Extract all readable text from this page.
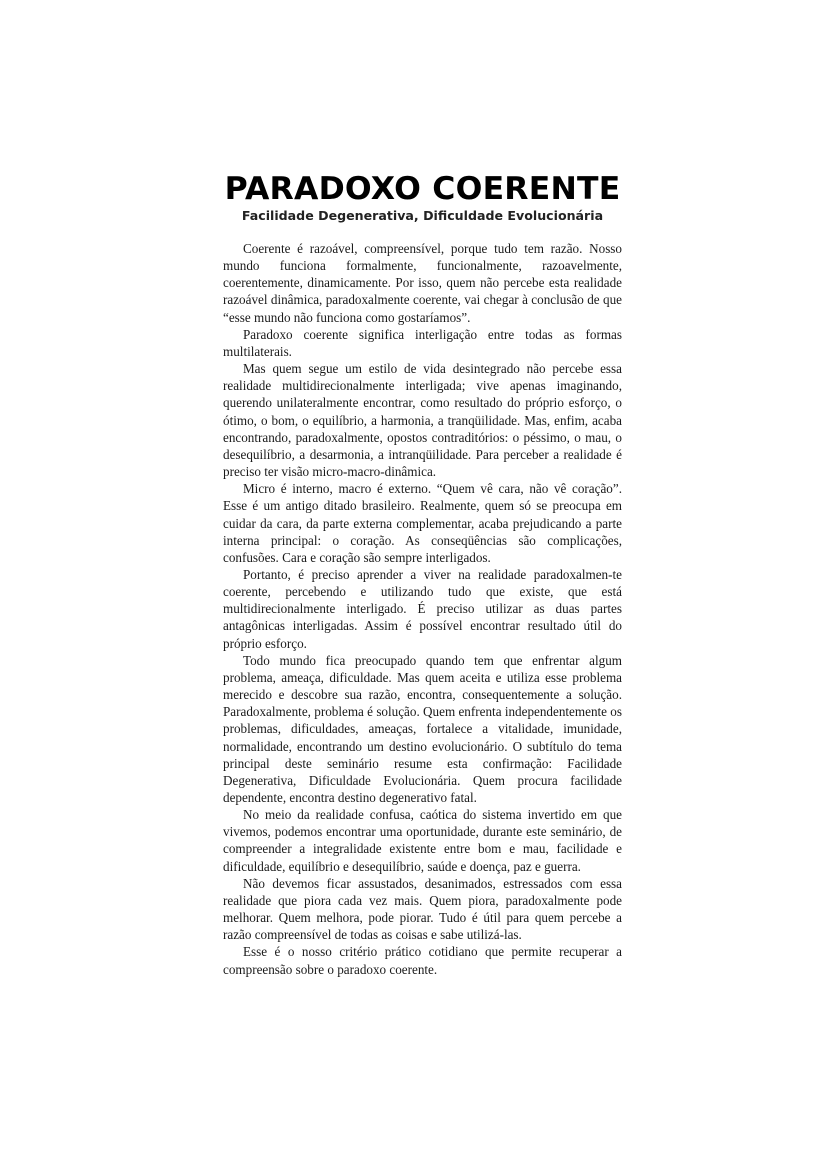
PARADOXO COERENTE
Facilidade Degenerativa, Dificuldade Evolucionária

Coerente é razoável, compreensível, porque tudo tem razão. Nosso mundo funciona formalmente, funcionalmente, razoavelmente, coerentemente, dinamicamente. Por isso, quem não percebe esta realidade razoável dinâmica, paradoxalmente coerente, vai chegar à conclusão de que “esse mundo não funciona como gostaríamos”.

Paradoxo coerente significa interligação entre todas as formas multilaterais.

Mas quem segue um estilo de vida desintegrado não percebe essa realidade multidirecionalmente interligada; vive apenas imaginando, querendo unilateralmente encontrar, como resultado do próprio esforço, o ótimo, o bom, o equilíbrio, a harmonia, a tranqüilidade. Mas, enfim, acaba encontrando, paradoxalmente, opostos contraditórios: o péssimo, o mau, o desequilíbrio, a desarmonia, a intranqüilidade. Para perceber a realidade é preciso ter visão micro-macro-dinâmica.

Micro é interno, macro é externo. “Quem vê cara, não vê coração”. Esse é um antigo ditado brasileiro. Realmente, quem só se preocupa em cuidar da cara, da parte externa complementar, acaba prejudicando a parte interna principal: o coração. As conseqüências são complicações, confusões. Cara e coração são sempre interligados.

Portanto, é preciso aprender a viver na realidade paradoxalmen-te coerente, percebendo e utilizando tudo que existe, que está multidirecionalmente interligado. É preciso utilizar as duas partes antagônicas interligadas. Assim é possível encontrar resultado útil do próprio esforço.

Todo mundo fica preocupado quando tem que enfrentar algum problema, ameaça, dificuldade. Mas quem aceita e utiliza esse problema merecido e descobre sua razão, encontra, consequentemente a solução. Paradoxalmente, problema é solução. Quem enfrenta independentemente os problemas, dificuldades, ameaças, fortalece a vitalidade, imunidade, normalidade, encontrando um destino evolucionário. O subtítulo do tema principal deste seminário resume esta confirmação: Facilidade Degenerativa, Dificuldade Evolucionária. Quem procura facilidade dependente, encontra destino degenerativo fatal.

No meio da realidade confusa, caótica do sistema invertido em que vivemos, podemos encontrar uma oportunidade, durante este seminário, de compreender a integralidade existente entre bom e mau, facilidade e dificuldade, equilíbrio e desequilíbrio, saúde e doença, paz e guerra.

Não devemos ficar assustados, desanimados, estressados com essa realidade que piora cada vez mais. Quem piora, paradoxalmente pode melhorar. Quem melhora, pode piorar. Tudo é útil para quem percebe a razão compreensível de todas as coisas e sabe utilizá-las.

Esse é o nosso critério prático cotidiano que permite recuperar a compreensão sobre o paradoxo coerente.
